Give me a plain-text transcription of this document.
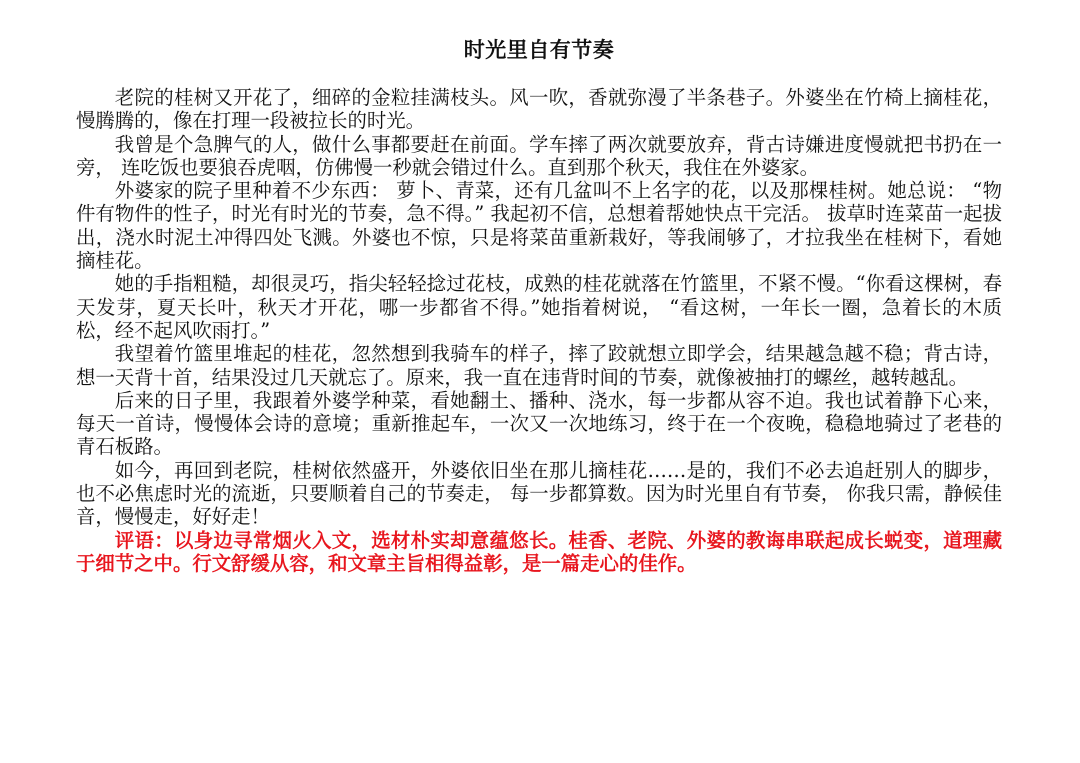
时光里自有节奏

老院的桂树又开花了，细碎的金粒挂满枝头。风一吹，香就弥漫了半条巷子。外婆坐在竹椅上摘桂花， 慢腾腾的，像在打理一段被拉长的时光。

我曾是个急脾气的人，做什么事都要赶在前面。学车摔了两次就要放弃，背古诗嫌进度慢就把书扔在一旁， 连吃饭也要狼吞虎咽，仿佛慢一秒就会错过什么。直到那个秋天，我住在外婆家。

外婆家的院子里种着不少东西： 萝卜、青菜，还有几盆叫不上名字的花，以及那棵桂树。她总说： “物件有物件的性子，时光有时光的节奏，急不得。” 我起初不信，总想着帮她快点干完活。 拔草时连菜苗一起拔出，浇水时泥土冲得四处飞溅。外婆也不惊，只是将菜苗重新栽好，等我闹够了，才拉我坐在桂树下，看她摘桂花。

她的手指粗糙，却很灵巧，指尖轻轻捻过花枝，成熟的桂花就落在竹篮里，不紧不慢。“你看这棵树，春天发芽，夏天长叶，秋天才开花，哪一步都省不得。”她指着树说， “看这树，一年长一圈，急着长的木质松，经不起风吹雨打。”

我望着竹篮里堆起的桂花，忽然想到我骑车的样子，摔了跤就想立即学会，结果越急越不稳；背古诗，想一天背十首，结果没过几天就忘了。原来，我一直在违背时间的节奏，就像被抽打的螺丝，越转越乱。

后来的日子里，我跟着外婆学种菜，看她翻土、播种、浇水，每一步都从容不迫。我也试着静下心来，每天一首诗，慢慢体会诗的意境；重新推起车，一次又一次地练习，终于在一个夜晚，稳稳地骑过了老巷的青石板路。

如今，再回到老院，桂树依然盛开，外婆依旧坐在那儿摘桂花……是的，我们不必去追赶别人的脚步，也不必焦虑时光的流逝，只要顺着自己的节奏走， 每一步都算数。因为时光里自有节奏， 你我只需，静候佳音，慢慢走，好好走！

评语：以身边寻常烟火入文，选材朴实却意蕴悠长。桂香、老院、外婆的教诲串联起成长蜕变，道理藏于细节之中。行文舒缓从容，和文章主旨相得益彰，是一篇走心的佳作。
